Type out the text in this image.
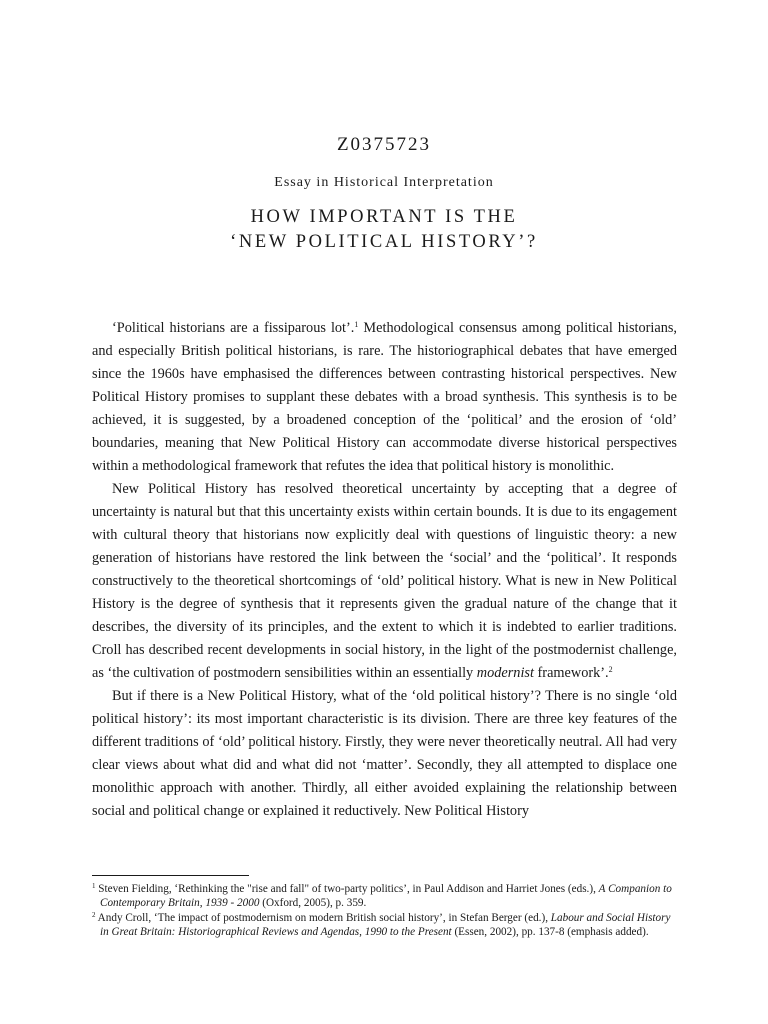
Z0375723
Essay in Historical Interpretation
HOW IMPORTANT IS THE
‘NEW POLITICAL HISTORY’?

‘Political historians are a fissiparous lot’.$^1$ Methodological consensus among political historians, and especially British political historians, is rare. The historiographical debates that have emerged since the 1960s have emphasised the differences between contrasting historical perspectives. New Political History promises to supplant these debates with a broad synthesis. This synthesis is to be achieved, it is suggested, by a broadened conception of the ‘political’ and the erosion of ‘old’ boundaries, meaning that New Political History can accommodate diverse historical perspectives within a methodological framework that refutes the idea that political history is monolithic.

New Political History has resolved theoretical uncertainty by accepting that a degree of uncertainty is natural but that this uncertainty exists within certain bounds. It is due to its engagement with cultural theory that historians now explicitly deal with questions of linguistic theory: a new generation of historians have restored the link between the ‘social’ and the ‘political’. It responds constructively to the theoretical shortcomings of ‘old’ political history. What is new in New Political History is the degree of synthesis that it represents given the gradual nature of the change that it describes, the diversity of its principles, and the extent to which it is indebted to earlier traditions. Croll has described recent developments in social history, in the light of the postmodernist challenge, as ‘the cultivation of postmodern sensibilities within an essentially modernist framework’.$^2$

But if there is a New Political History, what of the ‘old political history’? There is no single ‘old political history’: its most important characteristic is its division. There are three key features of the different traditions of ‘old’ political history. Firstly, they were never theoretically neutral. All had very clear views about what did and what did not ‘matter’. Secondly, they all attempted to displace one monolithic approach with another. Thirdly, all either avoided explaining the relationship between social and political change or explained it reductively. New Political History

$^1$ Steven Fielding, ‘Rethinking the "rise and fall" of two-party politics’, in Paul Addison and Harriet Jones (eds.), A Companion to Contemporary Britain, 1939 - 2000 (Oxford, 2005), p. 359.

$^2$ Andy Croll, ‘The impact of postmodernism on modern British social history’, in Stefan Berger (ed.), Labour and Social History in Great Britain: Historiographical Reviews and Agendas, 1990 to the Present (Essen, 2002), pp. 137-8 (emphasis added).
